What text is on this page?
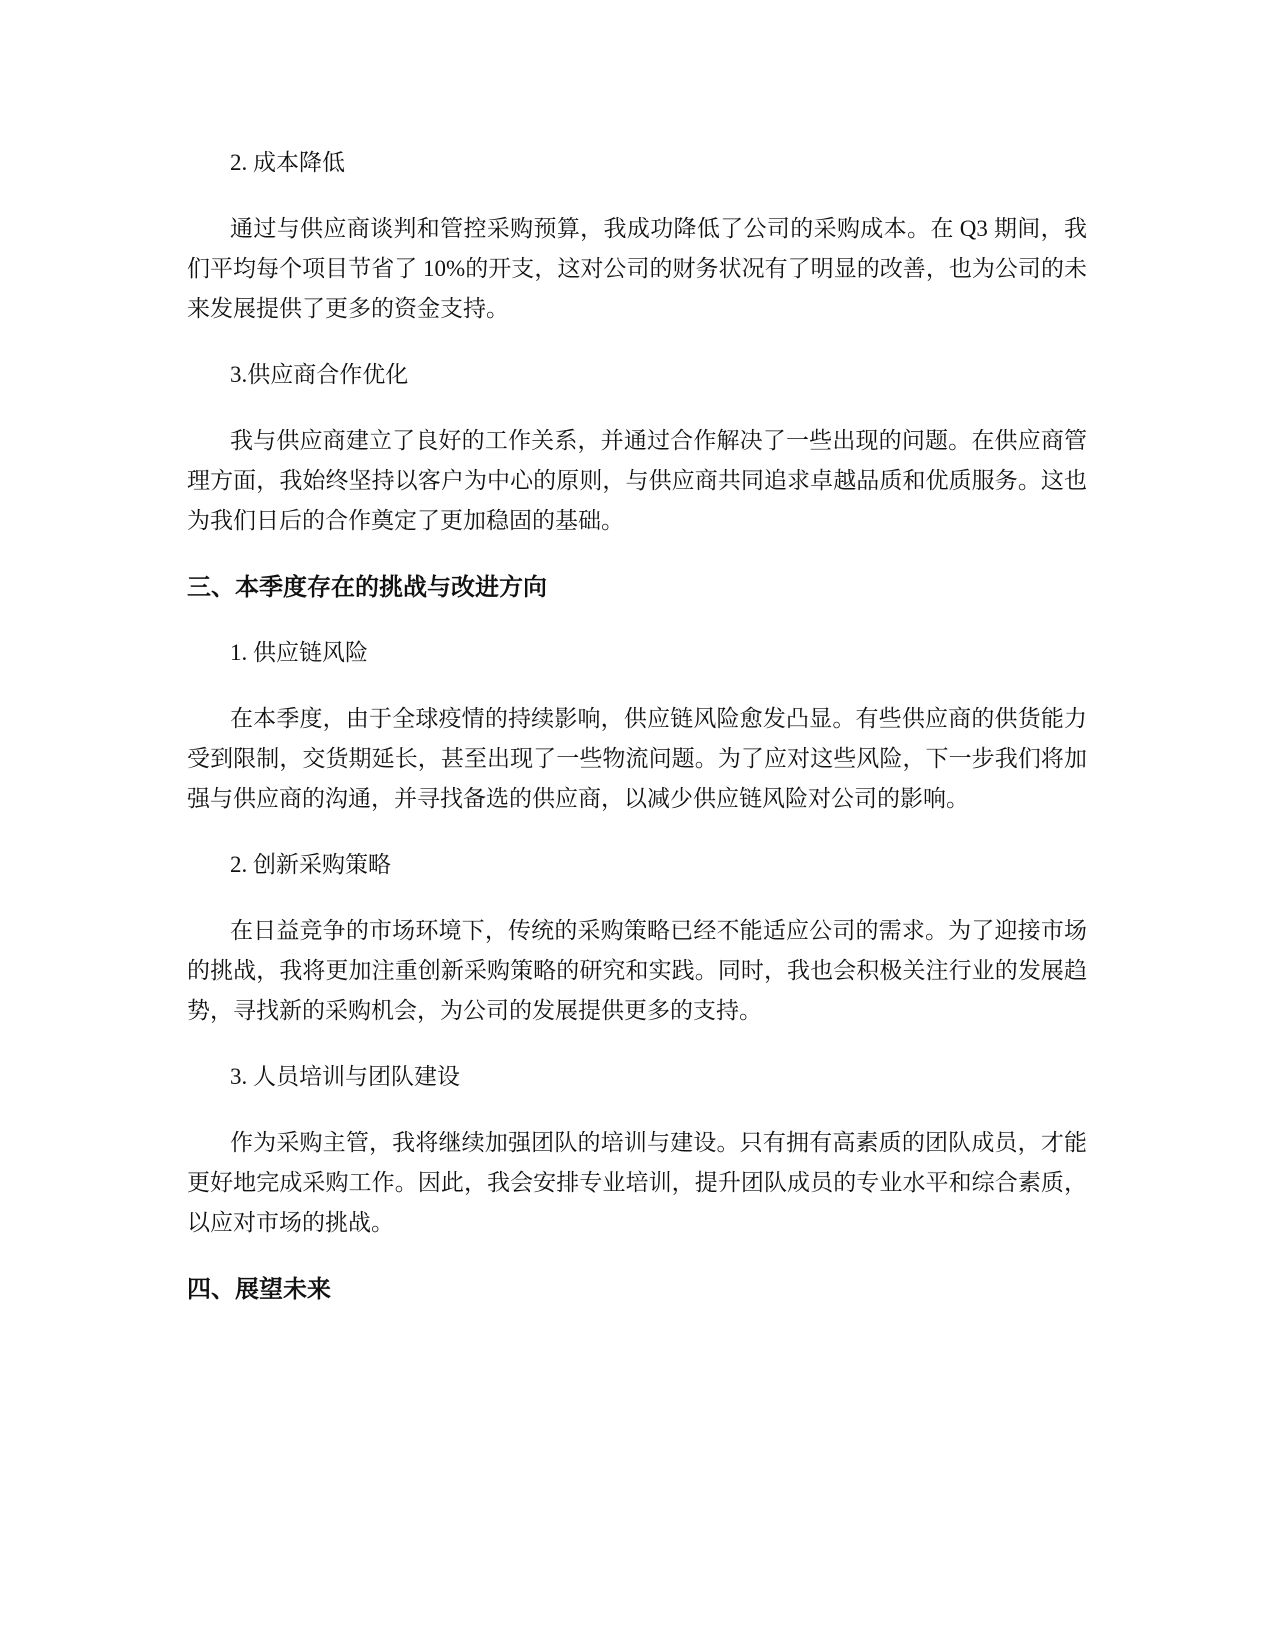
2. 成本降低

通过与供应商谈判和管控采购预算，我成功降低了公司的采购成本。在 Q3 期间，我们平均每个项目节省了 10%的开支，这对公司的财务状况有了明显的改善，也为公司的未来发展提供了更多的资金支持。

3.供应商合作优化

我与供应商建立了良好的工作关系，并通过合作解决了一些出现的问题。在供应商管理方面，我始终坚持以客户为中心的原则，与供应商共同追求卓越品质和优质服务。这也为我们日后的合作奠定了更加稳固的基础。

三、本季度存在的挑战与改进方向

1. 供应链风险

在本季度，由于全球疫情的持续影响，供应链风险愈发凸显。有些供应商的供货能力受到限制，交货期延长，甚至出现了一些物流问题。为了应对这些风险，下一步我们将加强与供应商的沟通，并寻找备选的供应商，以减少供应链风险对公司的影响。

2. 创新采购策略

在日益竞争的市场环境下，传统的采购策略已经不能适应公司的需求。为了迎接市场的挑战，我将更加注重创新采购策略的研究和实践。同时，我也会积极关注行业的发展趋势，寻找新的采购机会，为公司的发展提供更多的支持。

3. 人员培训与团队建设

作为采购主管，我将继续加强团队的培训与建设。只有拥有高素质的团队成员，才能更好地完成采购工作。因此，我会安排专业培训，提升团队成员的专业水平和综合素质，以应对市场的挑战。

四、展望未来
